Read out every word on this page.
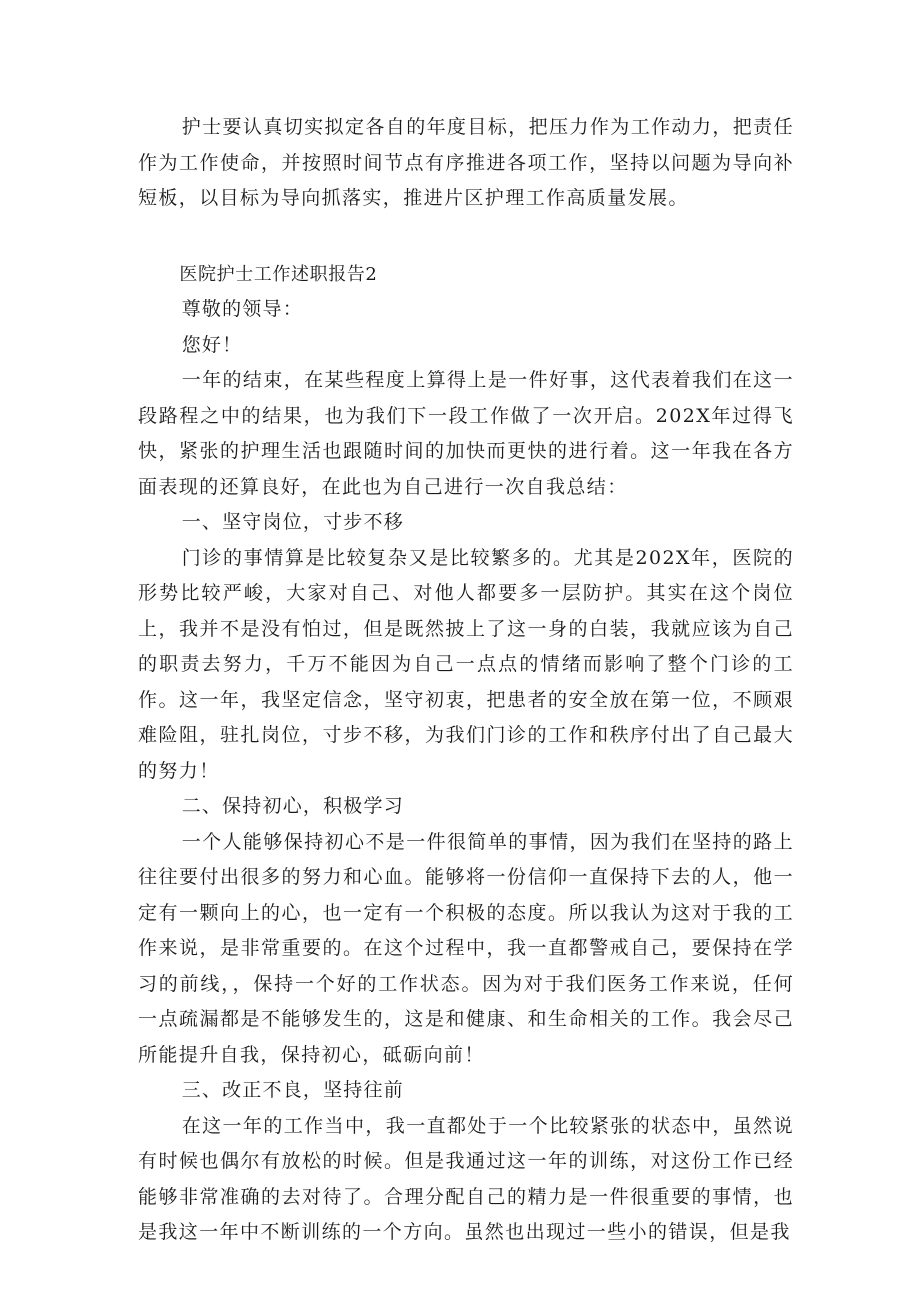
护士要认真切实拟定各自的年度目标，把压力作为工作动力，把责任作为工作使命，并按照时间节点有序推进各项工作，坚持以问题为导向补短板，以目标为导向抓落实，推进片区护理工作高质量发展。

医院护士工作述职报告2

尊敬的领导：

您好！

一年的结束，在某些程度上算得上是一件好事，这代表着我们在这一段路程之中的结果，也为我们下一段工作做了一次开启。202X年过得飞快，紧张的护理生活也跟随时间的加快而更快的进行着。这一年我在各方面表现的还算良好，在此也为自己进行一次自我总结：

一、坚守岗位，寸步不移

门诊的事情算是比较复杂又是比较繁多的。尤其是202X年，医院的形势比较严峻，大家对自己、对他人都要多一层防护。其实在这个岗位上，我并不是没有怕过，但是既然披上了这一身的白装，我就应该为自己的职责去努力，千万不能因为自己一点点的情绪而影响了整个门诊的工作。这一年，我坚定信念，坚守初衷，把患者的安全放在第一位，不顾艰难险阻，驻扎岗位，寸步不移，为我们门诊的工作和秩序付出了自己最大的努力！

二、保持初心，积极学习

一个人能够保持初心不是一件很简单的事情，因为我们在坚持的路上往往要付出很多的努力和心血。能够将一份信仰一直保持下去的人，他一定有一颗向上的心，也一定有一个积极的态度。所以我认为这对于我的工作来说，是非常重要的。在这个过程中，我一直都警戒自己，要保持在学习的前线，，保持一个好的工作状态。因为对于我们医务工作来说，任何一点疏漏都是不能够发生的，这是和健康、和生命相关的工作。我会尽己所能提升自我，保持初心，砥砺向前！

三、改正不良，坚持往前

在这一年的工作当中，我一直都处于一个比较紧张的状态中，虽然说有时候也偶尔有放松的时候。但是我通过这一年的训练，对这份工作已经能够非常准确的去对待了。合理分配自己的精力是一件很重要的事情，也是我这一年中不断训练的一个方向。虽然也出现过一些小的错误，但是我
